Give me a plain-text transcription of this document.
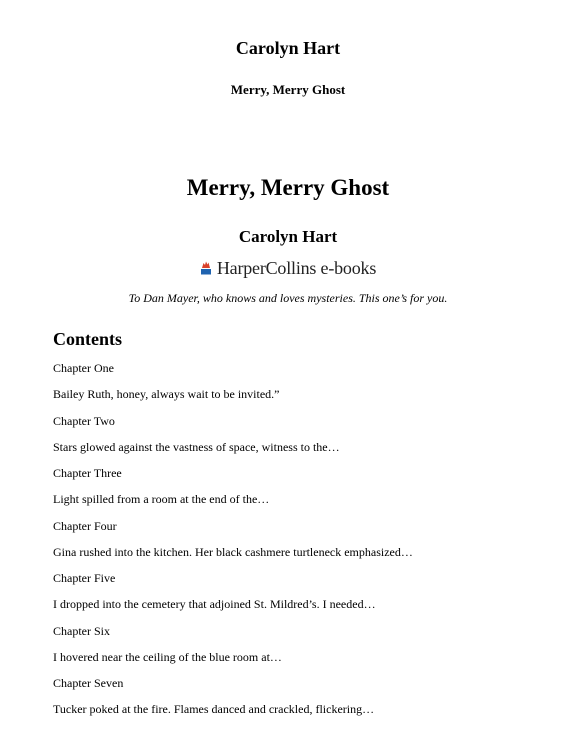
Carolyn Hart
Merry, Merry Ghost
Merry, Merry Ghost
Carolyn Hart
HarperCollins e-books
To Dan Mayer, who knows and loves mysteries. This one’s for you.
Contents
Chapter One
Bailey Ruth, honey, always wait to be invited.”
Chapter Two
Stars glowed against the vastness of space, witness to the…
Chapter Three
Light spilled from a room at the end of the…
Chapter Four
Gina rushed into the kitchen. Her black cashmere turtleneck emphasized…
Chapter Five
I dropped into the cemetery that adjoined St. Mildred’s. I needed…
Chapter Six
I hovered near the ceiling of the blue room at…
Chapter Seven
Tucker poked at the fire. Flames danced and crackled, flickering…
